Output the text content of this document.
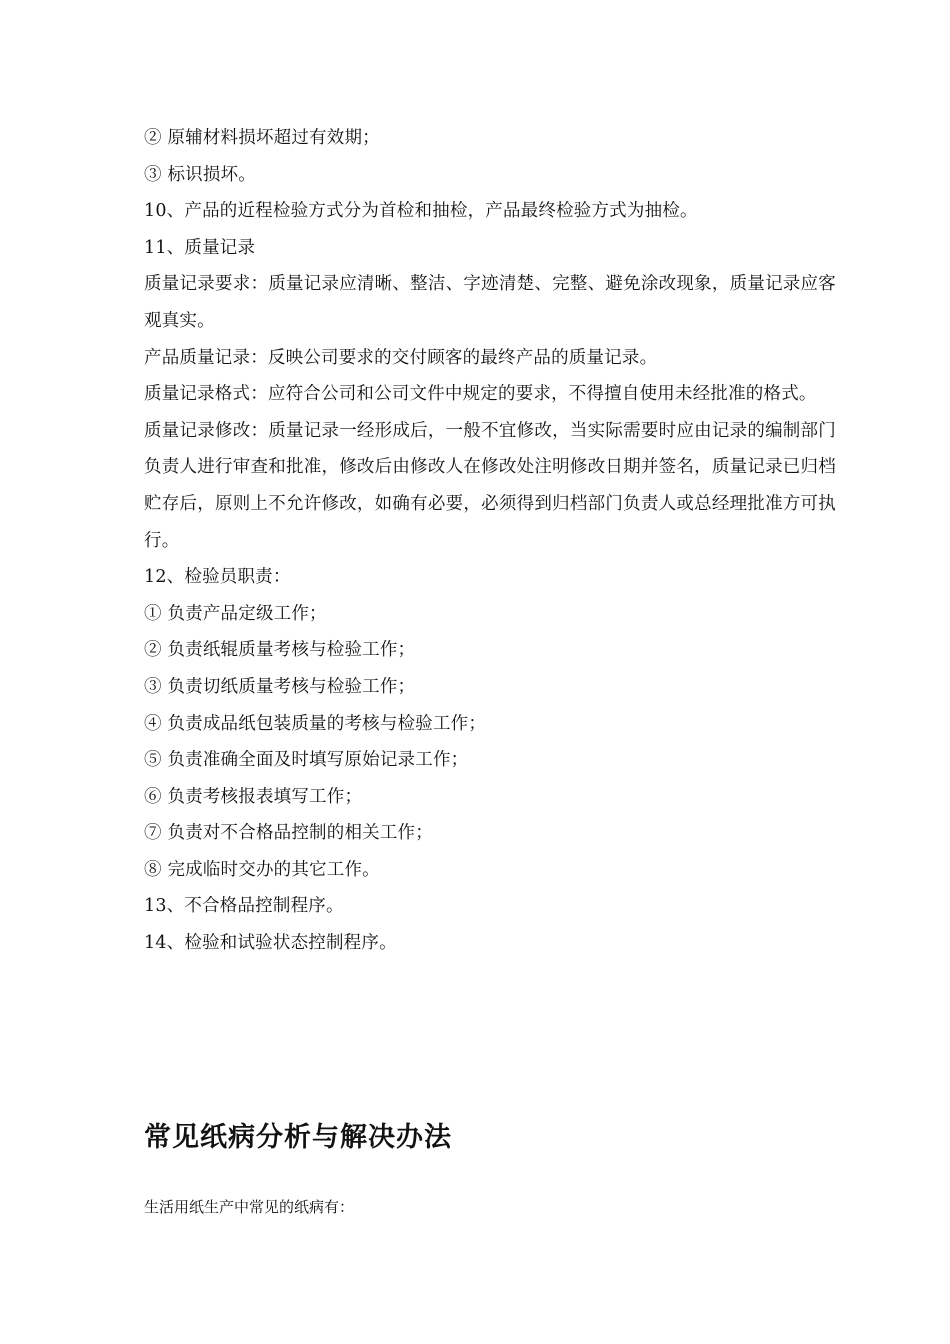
② 原辅材料损坏超过有效期；

③ 标识损坏。

10、产品的近程检验方式分为首检和抽检，产品最终检验方式为抽检。

11、质量记录

质量记录要求：质量记录应清晰、整洁、字迹清楚、完整、避免涂改现象，质量记录应客观真实。

产品质量记录：反映公司要求的交付顾客的最终产品的质量记录。

质量记录格式：应符合公司和公司文件中规定的要求，不得擅自使用未经批准的格式。

质量记录修改：质量记录一经形成后，一般不宜修改，当实际需要时应由记录的编制部门负责人进行审查和批准，修改后由修改人在修改处注明修改日期并签名，质量记录已归档贮存后，原则上不允许修改，如确有必要，必须得到归档部门负责人或总经理批准方可执行。

12、检验员职责：

① 负责产品定级工作；

② 负责纸辊质量考核与检验工作；

③ 负责切纸质量考核与检验工作；

④ 负责成品纸包装质量的考核与检验工作；

⑤ 负责准确全面及时填写原始记录工作；

⑥ 负责考核报表填写工作；

⑦ 负责对不合格品控制的相关工作；

⑧ 完成临时交办的其它工作。

13、不合格品控制程序。

14、检验和试验状态控制程序。

常见纸病分析与解决办法

生活用纸生产中常见的纸病有：
